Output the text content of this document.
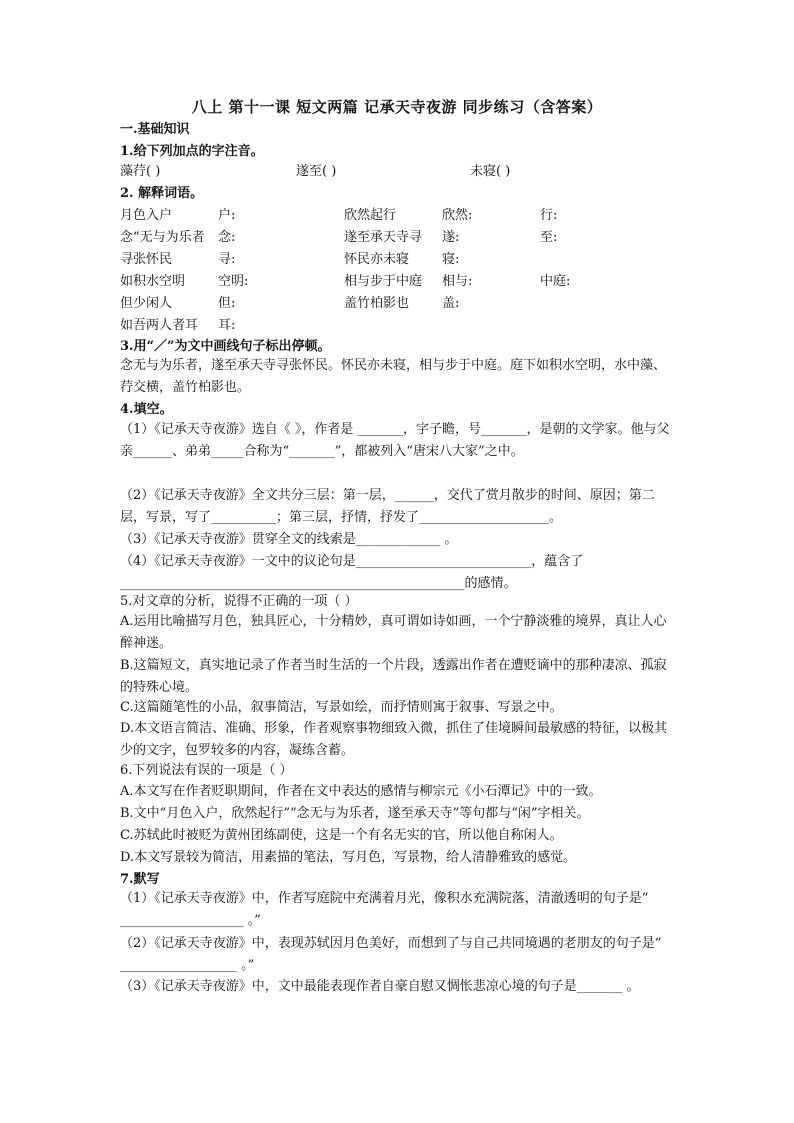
八上 第十一课 短文两篇 记承天寺夜游 同步练习（含答案）
一.基础知识
1.给下列加点的字注音。
藻荇( )	遂至( )	未寝( )
2. 解释词语。
月色入户	户:	欣然起行	欣然:	行:
念“无与为乐者 念:	遂至承天寺寻 遂:	至:
寻张怀民	寻:	怀民亦未寝	寝:
如积水空明	空明:	相与步于中庭 相与:	中庭:
但少闲人	但:	盖竹柏影也	盖:
如吾两人者耳 耳:
3.用“／”为文中画线句子标出停顿。
念无与为乐者，遂至承天寺寻张怀民。怀民亦未寝，相与步于中庭。庭下如积水空明，水中藻、荇交横，盖竹柏影也。
4.填空。
（1）《记承天寺夜游》选自《 》，作者是 _______，字子瞻，号_______，是朝的文学家。他与父亲______、弟弟_____合称为“_______”，都被列入“唐宋八大家”之中。
（2）《记承天寺夜游》全文共分三层：第一层，______，交代了赏月散步的时间、原因；第二层，写景，写了__________；第三层，抒情，抒发了____________________。
（3）《记承天寺夜游》贯穿全文的线索是_____________ 。
（4）《记承天寺夜游》一文中的议论句是___________________________，蕴含了_____________________________________________________的感情。
5.对文章的分析，说得不正确的一项（ ）
A.运用比喻描写月色，独具匠心，十分精妙，真可谓如诗如画，一个宁静淡雅的境界，真让人心醉神迷。
B.这篇短文，真实地记录了作者当时生活的一个片段，透露出作者在遭贬谪中的那种凄凉、孤寂的特殊心境。
C.这篇随笔性的小品，叙事简洁，写景如绘，而抒情则寓于叙事、写景之中。
D.本文语言简洁、准确、形象，作者观察事物细致入微，抓住了佳境瞬间最敏感的特征，以极其少的文字，包罗较多的内容，凝练含蓄。
6.下列说法有误的一项是（ ）
A.本文写在作者贬职期间，作者在文中表达的感情与柳宗元《小石潭记》中的一致。
B.文中“月色入户，欣然起行”“念无与为乐者，遂至承天寺”等句都与“闲”字相关。
C.苏轼此时被贬为黄州团练副使，这是一个有名无实的官，所以他自称闲人。
D.本文写景较为简洁，用素描的笔法，写月色，写景物，给人清静雅致的感觉。
7.默写
（1）《记承天寺夜游》中，作者写庭院中充满着月光，像积水充满院落，清澈透明的句子是“ ___________________ 。”
（2）《记承天寺夜游》中，表现苏轼因月色美好，而想到了与自己共同境遇的老朋友的句子是“ __________________ 。”
（3）《记承天寺夜游》中，文中最能表现作者自豪自慰又惆怅悲凉心境的句子是_______ 。
